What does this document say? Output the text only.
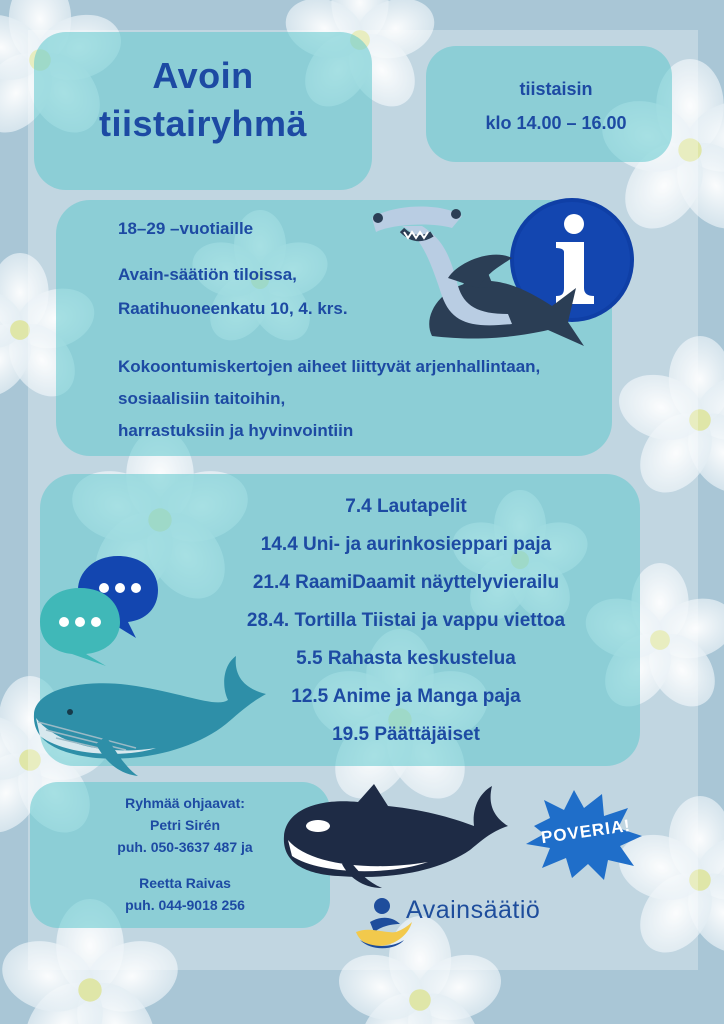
Avoin
tiistairyhmä
tiistaisin
klo 14.00 – 16.00
18–29 –vuotiaille
Avain-säätiön tiloissa,
Raatihuoneenkatu 10, 4. krs.
Kokoontumiskertojen aiheet liittyvät arjenhallintaan,
sosiaalisiin taitoihin,
harrastuksiin ja hyvinvointiin
7.4 Lautapelit
14.4 Uni- ja aurinkosieppari paja
21.4 RaamiDaamit näyttelyvierailu
28.4. Tortilla Tiistai ja vappu viettoa
5.5 Rahasta keskustelua
12.5 Anime ja Manga paja
19.5 Päättäjäiset
Ryhmää ohjaavat:
Petri Sirén
puh. 050-3637 487 ja
Reetta Raivas
puh. 044-9018 256
POVERIA!
Avainsäätiö
